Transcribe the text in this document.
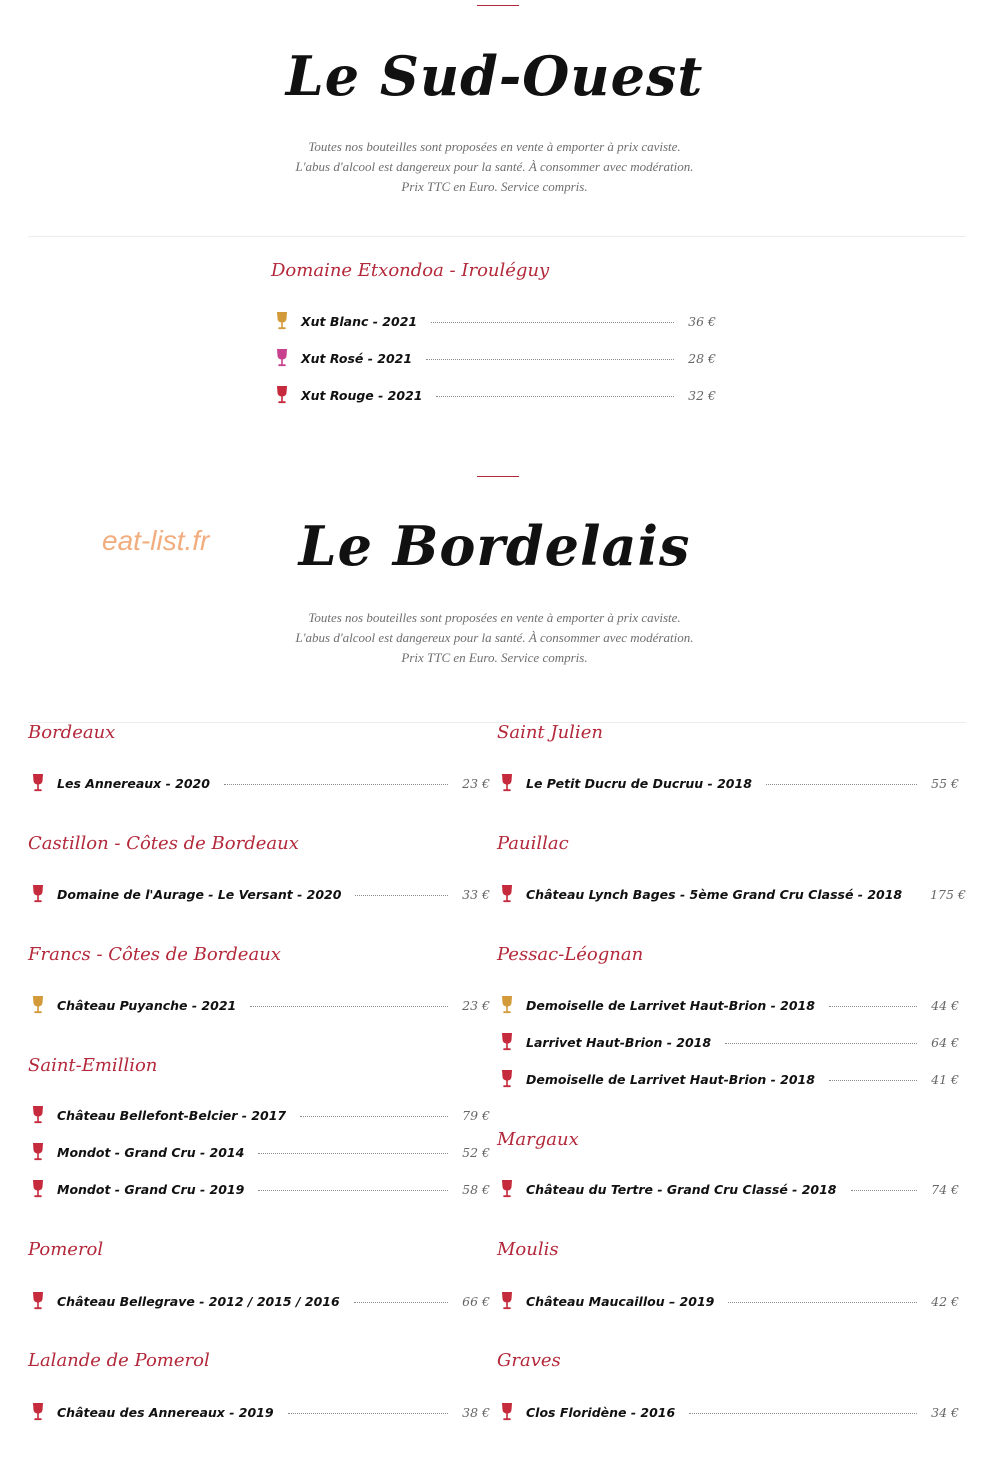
Le Sud-Ouest
Toutes nos bouteilles sont proposées en vente à emporter à prix caviste.
L'abus d'alcool est dangereux pour la santé. À consommer avec modération.
Prix TTC en Euro. Service compris.
Domaine Etxondoa - Irouléguy
Xut Blanc - 2021	36 €
Xut Rosé - 2021	28 €
Xut Rouge - 2021	32 €
eat-list.fr	Le Bordelais
Toutes nos bouteilles sont proposées en vente à emporter à prix caviste.
L'abus d'alcool est dangereux pour la santé. À consommer avec modération.
Prix TTC en Euro. Service compris.
Bordeaux
Les Annereaux - 2020	23 €
Castillon - Côtes de Bordeaux
Domaine de l'Aurage - Le Versant - 2020	33 €
Francs - Côtes de Bordeaux
Château Puyanche - 2021	23 €
Saint-Emillion
Château Bellefont-Belcier - 2017	79 €
Mondot - Grand Cru - 2014	52 €
Mondot - Grand Cru - 2019	58 €
Pomerol
Château Bellegrave - 2012 / 2015 / 2016	66 €
Lalande de Pomerol
Château des Annereaux - 2019	38 €
Saint Julien
Le Petit Ducru de Ducruu - 2018	55 €
Pauillac
Château Lynch Bages - 5ème Grand Cru Classé - 2018 175 €
Pessac-Léognan
Demoiselle de Larrivet Haut-Brion - 2018	44 €
Larrivet Haut-Brion - 2018	64 €
Demoiselle de Larrivet Haut-Brion - 2018	41 €
Margaux
Château du Tertre - Grand Cru Classé - 2018	74 €
Moulis
Château Maucaillou – 2019	42 €
Graves
Clos Floridène - 2016	34 €
